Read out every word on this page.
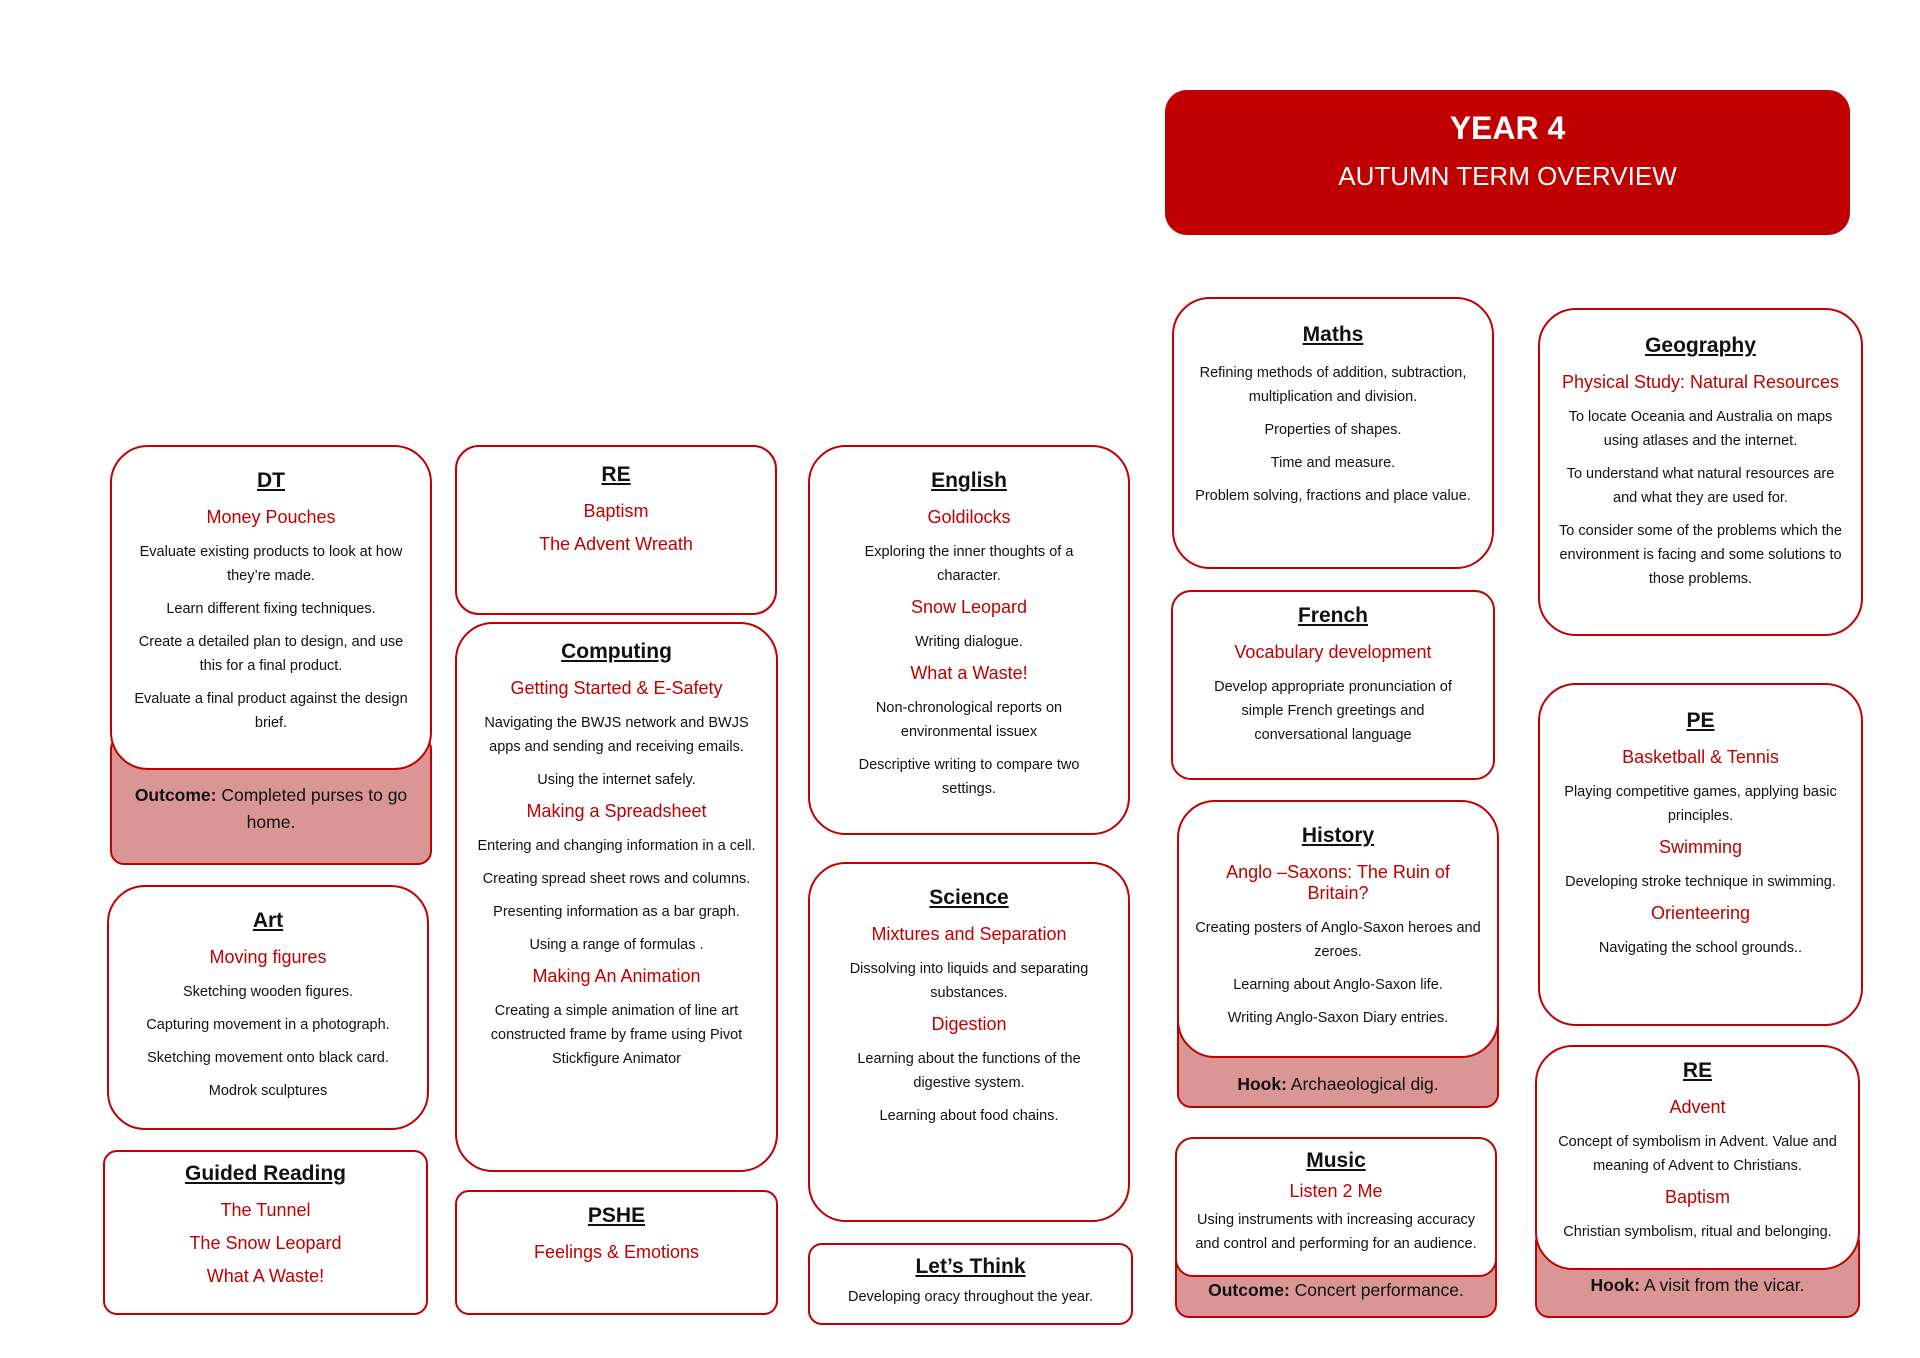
YEAR 4
AUTUMN TERM OVERVIEW
Outcome: Completed purses to go home.
DT
Money Pouches
Evaluate existing products to look at how they’re made.
Learn different fixing techniques.
Create a detailed plan to design, and use this for a final product.
Evaluate a final product against the design brief.
Art
Moving figures
Sketching wooden figures.
Capturing movement in a photograph.
Sketching movement onto black card.
Modrok sculptures
Guided Reading
The Tunnel
The Snow Leopard
What A Waste!
RE
Baptism
The Advent Wreath
Computing
Getting Started & E-Safety
Navigating the BWJS network and BWJS apps and sending and receiving emails.
Using the internet safely.
Making a Spreadsheet
Entering and changing information in a cell.
Creating spread sheet rows and columns.
Presenting information as a bar graph.
Using a range of formulas .
Making An Animation
Creating a simple animation of line art constructed frame by frame using Pivot Stickfigure Animator
PSHE
Feelings & Emotions
English
Goldilocks
Exploring the inner thoughts of a character.
Snow Leopard
Writing dialogue.
What a Waste!
Non-chronological reports on environmental issuex
Descriptive writing to compare two settings.
Science
Mixtures and Separation
Dissolving into liquids and separating substances.
Digestion
Learning about the functions of the digestive system.
Learning about food chains.
Let’s Think
Developing oracy throughout the year.
Maths
Refining methods of addition, subtraction, multiplication and division.
Properties of shapes.
Time and measure.
Problem solving, fractions and place value.
French
Vocabulary development
Develop appropriate pronunciation of simple French greetings and conversational language
Hook: Archaeological dig.
History
Anglo –Saxons: The Ruin of Britain?
Creating posters of Anglo-Saxon heroes and zeroes.
Learning about Anglo-Saxon life.
Writing Anglo-Saxon Diary entries.
Outcome: Concert performance.
Music
Listen 2 Me
Using instruments with increasing accuracy and control and performing for an audience.
Geography
Physical Study: Natural Resources
To locate Oceania and Australia on maps using atlases and the internet.
To understand what natural resources are and what they are used for.
To consider some of the problems which the environment is facing and some solutions to those problems.
PE
Basketball & Tennis
Playing competitive games, applying basic principles.
Swimming
Developing stroke technique in swimming.
Orienteering
Navigating the school grounds..
Hook: A visit from the vicar.
RE
Advent
Concept of symbolism in Advent. Value and meaning of Advent to Christians.
Baptism
Christian symbolism, ritual and belonging.
